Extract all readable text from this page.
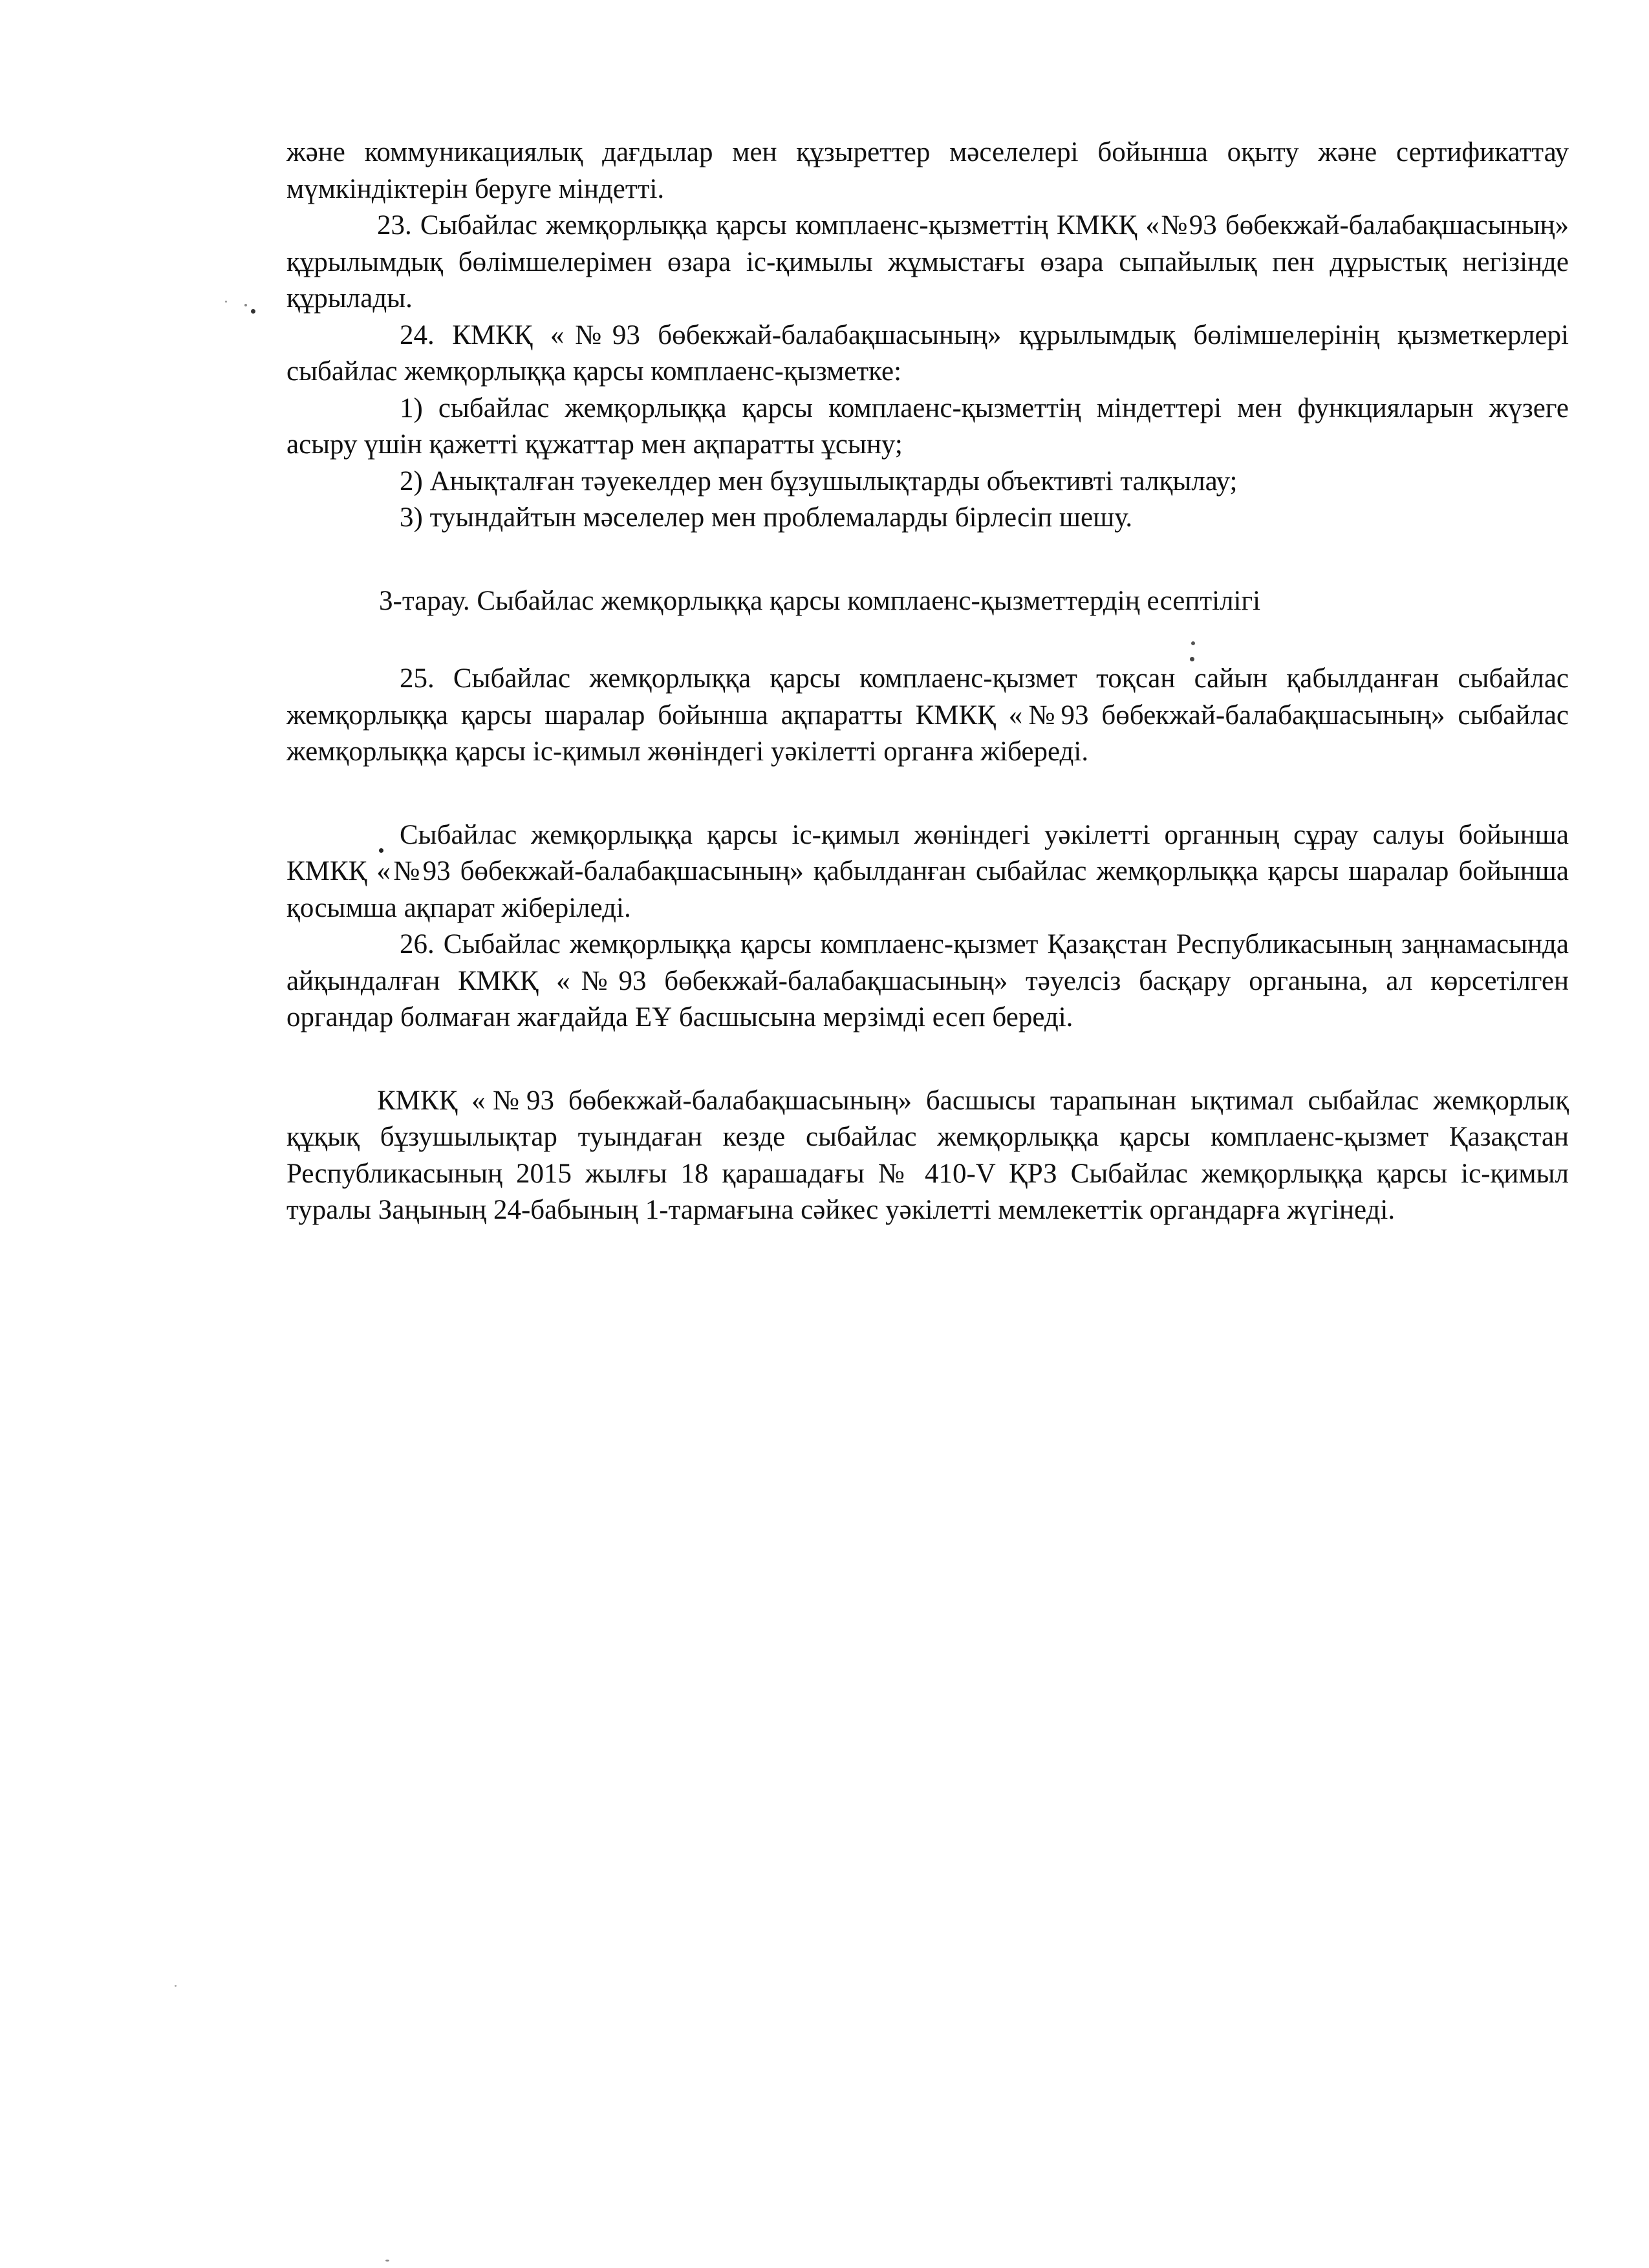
және коммуникациялық дағдылар мен құзыреттер мәселелері бойынша оқыту және сертификаттау мүмкіндіктерін беруге міндетті.

23. Сыбайлас жемқорлыққа қарсы комплаенс-қызметтің КМКҚ «№93 бөбекжай-балабақшасының» құрылымдық бөлімшелерімен өзара іс-қимылы жұмыстағы өзара сыпайылық пен дұрыстық негізінде құрылады.

24. КМКҚ «№93 бөбекжай-балабақшасының» құрылымдық бөлімшелерінің қызметкерлері сыбайлас жемқорлыққа қарсы комплаенс-қызметке:

1) сыбайлас жемқорлыққа қарсы комплаенс-қызметтің міндеттері мен функцияларын жүзеге асыру үшін қажетті құжаттар мен ақпаратты ұсыну;

2) Анықталған тәуекелдер мен бұзушылықтарды объективті талқылау;

3) туындайтын мәселелер мен проблемаларды бірлесіп шешу.

3-тарау. Сыбайлас жемқорлыққа қарсы комплаенс-қызметтердің есептілігі

25. Сыбайлас жемқорлыққа қарсы комплаенс-қызмет тоқсан сайын қабылданған сыбайлас жемқорлыққа қарсы шаралар бойынша ақпаратты КМКҚ «№93 бөбекжай-балабақшасының» сыбайлас жемқорлыққа қарсы іс-қимыл жөніндегі уәкілетті органға жібереді.

Сыбайлас жемқорлыққа қарсы іс-қимыл жөніндегі уәкілетті органның сұрау салуы бойынша КМКҚ «№93 бөбекжай-балабақшасының» қабылданған сыбайлас жемқорлыққа қарсы шаралар бойынша қосымша ақпарат жіберіледі.

26. Сыбайлас жемқорлыққа қарсы комплаенс-қызмет Қазақстан Республикасының заңнамасында айқындалған КМКҚ «№93 бөбекжай-балабақшасының» тәуелсіз басқару органына, ал көрсетілген органдар болмаған жағдайда ЕҰ басшысына мерзімді есеп береді.

КМКҚ «№93 бөбекжай-балабақшасының» басшысы тарапынан ықтимал сыбайлас жемқорлық құқық бұзушылықтар туындаған кезде сыбайлас жемқорлыққа қарсы комплаенс-қызмет Қазақстан Республикасының 2015 жылғы 18 қарашадағы № 410-V ҚРЗ Сыбайлас жемқорлыққа қарсы іс-қимыл туралы Заңының 24-бабының 1-тармағына сәйкес уәкілетті мемлекеттік органдарға жүгінеді.
